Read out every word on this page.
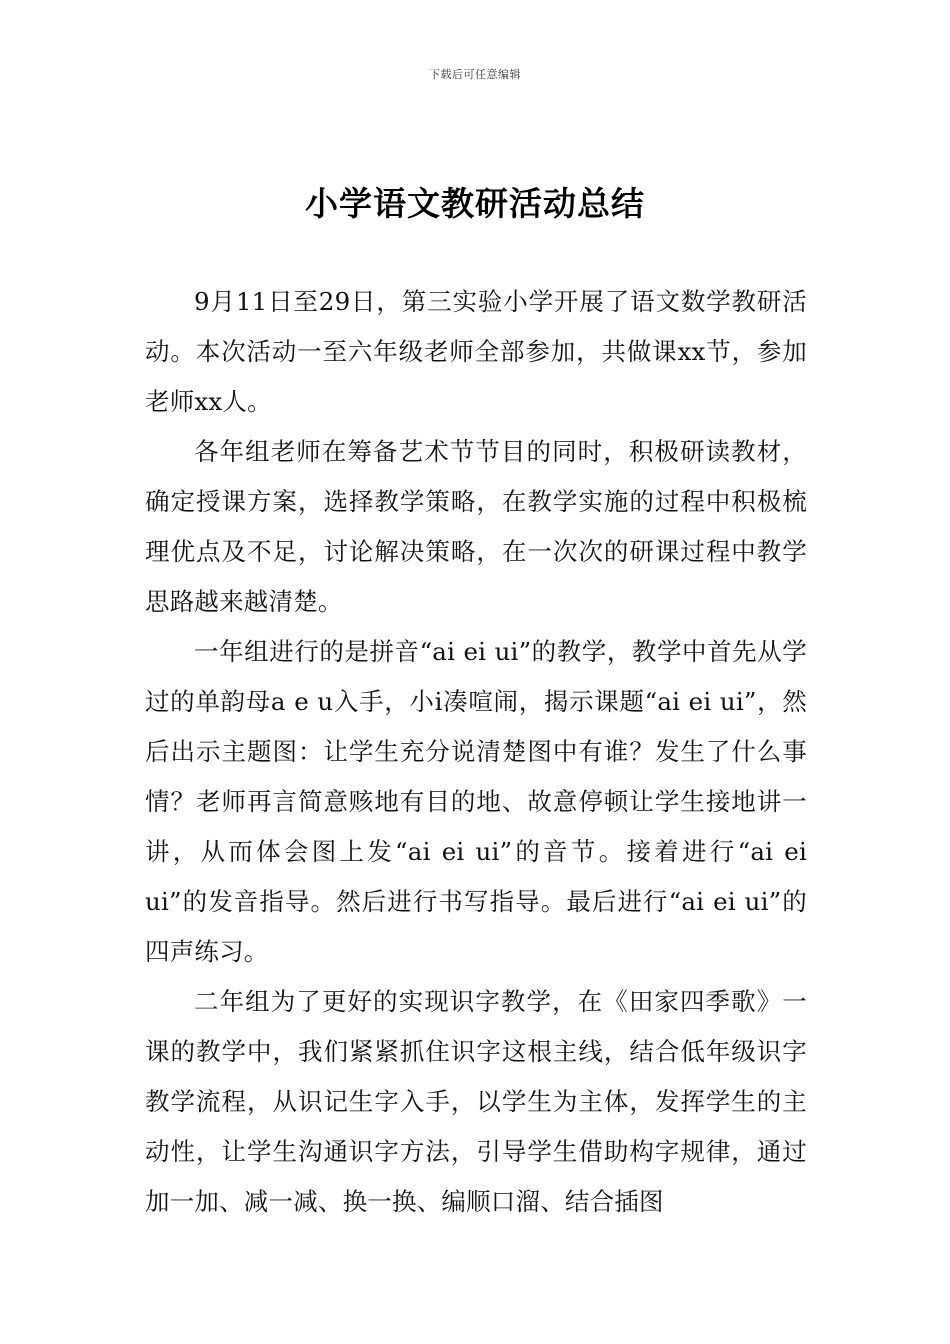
下载后可任意编辑
小学语文教研活动总结

9月11日至29日，第三实验小学开展了语文数学教研活动。本次活动一至六年级老师全部参加，共做课xx节，参加老师xx人。

各年组老师在筹备艺术节节目的同时，积极研读教材，确定授课方案，选择教学策略，在教学实施的过程中积极梳理优点及不足，讨论解决策略，在一次次的研课过程中教学思路越来越清楚。

一年组进行的是拼音“ai ei ui”的教学，教学中首先从学过的单韵母a e u入手，小i凑喧闹，揭示课题“ai ei ui”，然后出示主题图：让学生充分说清楚图中有谁？发生了什么事情？老师再言简意赅地有目的地、故意停顿让学生接地讲一讲，从而体会图上发“ai ei ui”的音节。接着进行“ai ei ui”的发音指导。然后进行书写指导。最后进行“ai ei ui”的四声练习。

二年组为了更好的实现识字教学，在《田家四季歌》一课的教学中，我们紧紧抓住识字这根主线，结合低年级识字教学流程，从识记生字入手，以学生为主体，发挥学生的主动性，让学生沟通识字方法，引导学生借助构字规律，通过加一加、减一减、换一换、编顺口溜、结合插图
